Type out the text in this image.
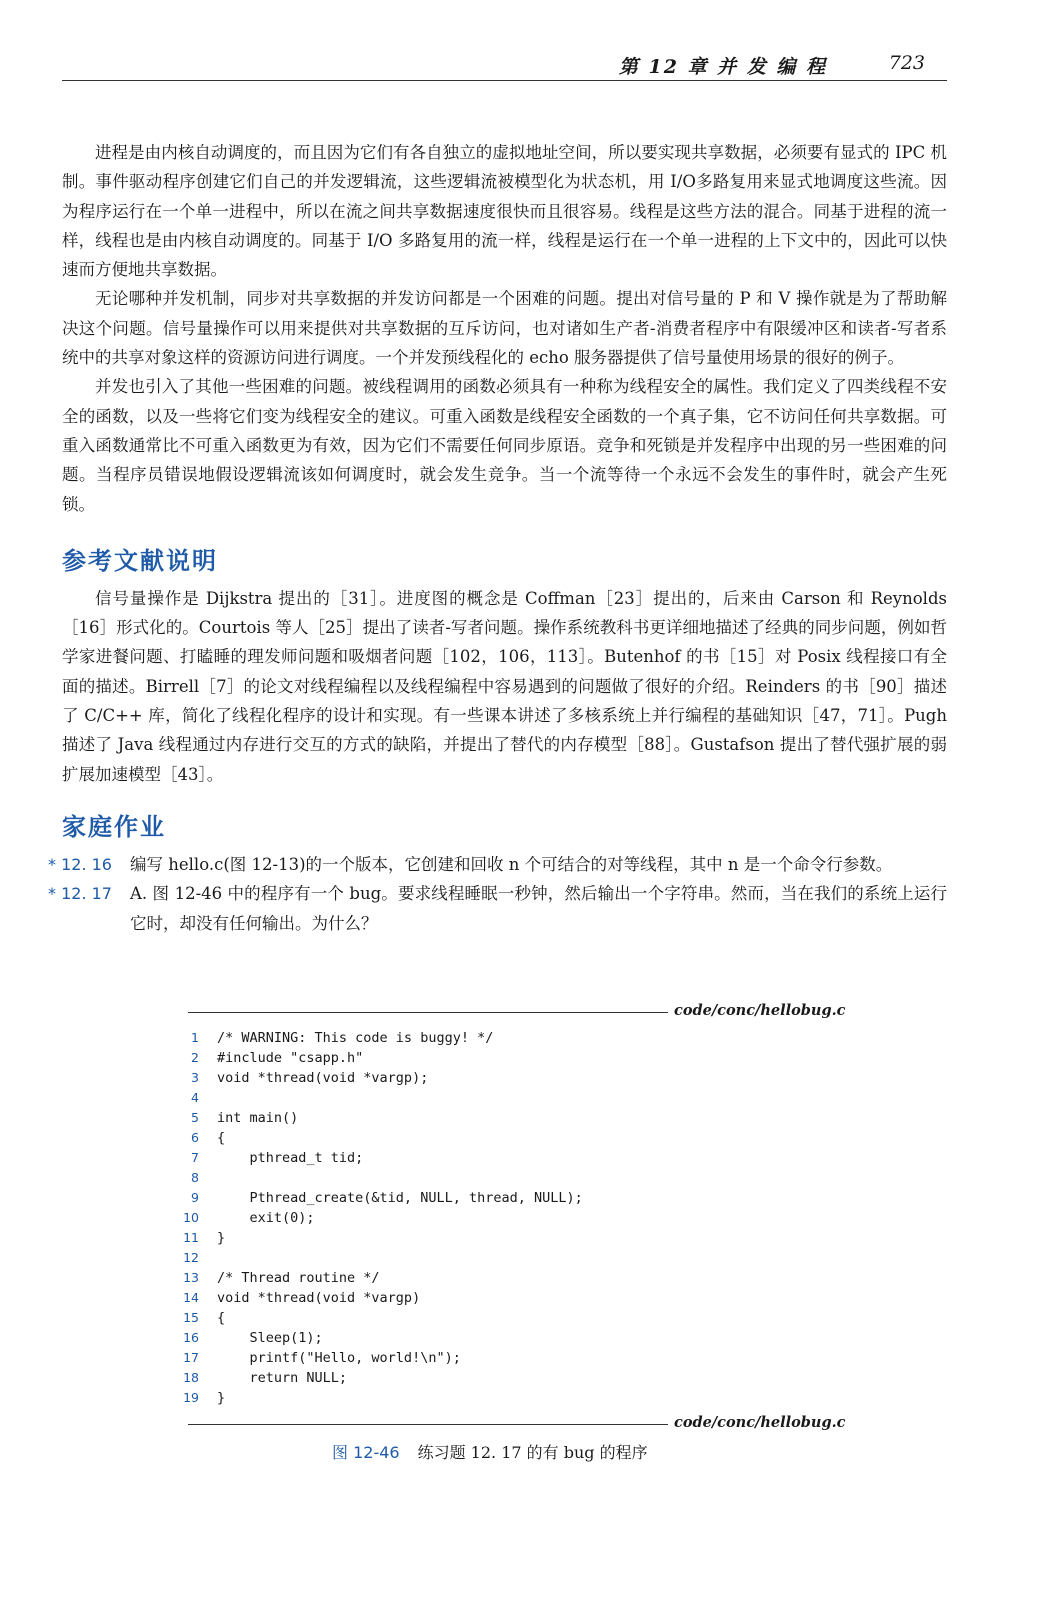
第 12 章 并 发 编 程	723

进程是由内核自动调度的，而且因为它们有各自独立的虚拟地址空间，所以要实现共享数据，必须要有显式的 IPC 机制。事件驱动程序创建它们自己的并发逻辑流，这些逻辑流被模型化为状态机，用 I/O多路复用来显式地调度这些流。因为程序运行在一个单一进程中，所以在流之间共享数据速度很快而且很容易。线程是这些方法的混合。同基于进程的流一样，线程也是由内核自动调度的。同基于 I/O 多路复用的流一样，线程是运行在一个单一进程的上下文中的，因此可以快速而方便地共享数据。

无论哪种并发机制，同步对共享数据的并发访问都是一个困难的问题。提出对信号量的 P 和 V 操作就是为了帮助解决这个问题。信号量操作可以用来提供对共享数据的互斥访问，也对诸如生产者-消费者程序中有限缓冲区和读者-写者系统中的共享对象这样的资源访问进行调度。一个并发预线程化的 echo 服务器提供了信号量使用场景的很好的例子。

并发也引入了其他一些困难的问题。被线程调用的函数必须具有一种称为线程安全的属性。我们定义了四类线程不安全的函数，以及一些将它们变为线程安全的建议。可重入函数是线程安全函数的一个真子集，它不访问任何共享数据。可重入函数通常比不可重入函数更为有效，因为它们不需要任何同步原语。竞争和死锁是并发程序中出现的另一些困难的问题。当程序员错误地假设逻辑流该如何调度时，就会发生竞争。当一个流等待一个永远不会发生的事件时，就会产生死锁。

参考文献说明

信号量操作是 Dijkstra 提出的［31］。进度图的概念是 Coffman［23］提出的，后来由 Carson 和 Reynolds［16］形式化的。Courtois 等人［25］提出了读者-写者问题。操作系统教科书更详细地描述了经典的同步问题，例如哲学家进餐问题、打瞌睡的理发师问题和吸烟者问题［102，106，113］。Butenhof 的书［15］对 Posix 线程接口有全面的描述。Birrell［7］的论文对线程编程以及线程编程中容易遇到的问题做了很好的介绍。Reinders 的书［90］描述了 C/C++ 库，简化了线程化程序的设计和实现。有一些课本讲述了多核系统上并行编程的基础知识［47，71］。Pugh 描述了 Java 线程通过内存进行交互的方式的缺陷，并提出了替代的内存模型［88］。Gustafson 提出了替代强扩展的弱扩展加速模型［43］。

家庭作业
* 12. 16 编写 hello.c(图 12-13)的一个版本，它创建和回收 n 个可结合的对等线程，其中 n 是一个命令行参数。
* 12. 17 A. 图 12-46 中的程序有一个 bug。要求线程睡眠一秒钟，然后输出一个字符串。然而，当在我们的系统上运行它时，却没有任何输出。为什么？
code/conc/hellobug.c
1 /* WARNING: This code is buggy! */
2 #include "csapp.h"
3 void *thread(void *vargp);
4
5 int main()
6 {
7 pthread_t tid;
8
9 Pthread_create(&tid, NULL, thread, NULL);
10 exit(0);
11 }
12
13 /* Thread routine */
14 void *thread(void *vargp)
15 {
16 Sleep(1);
17 printf("Hello, world!\n");
18 return NULL;
19 }
code/conc/hellobug.c
图 12-46 练习题 12. 17 的有 bug 的程序
